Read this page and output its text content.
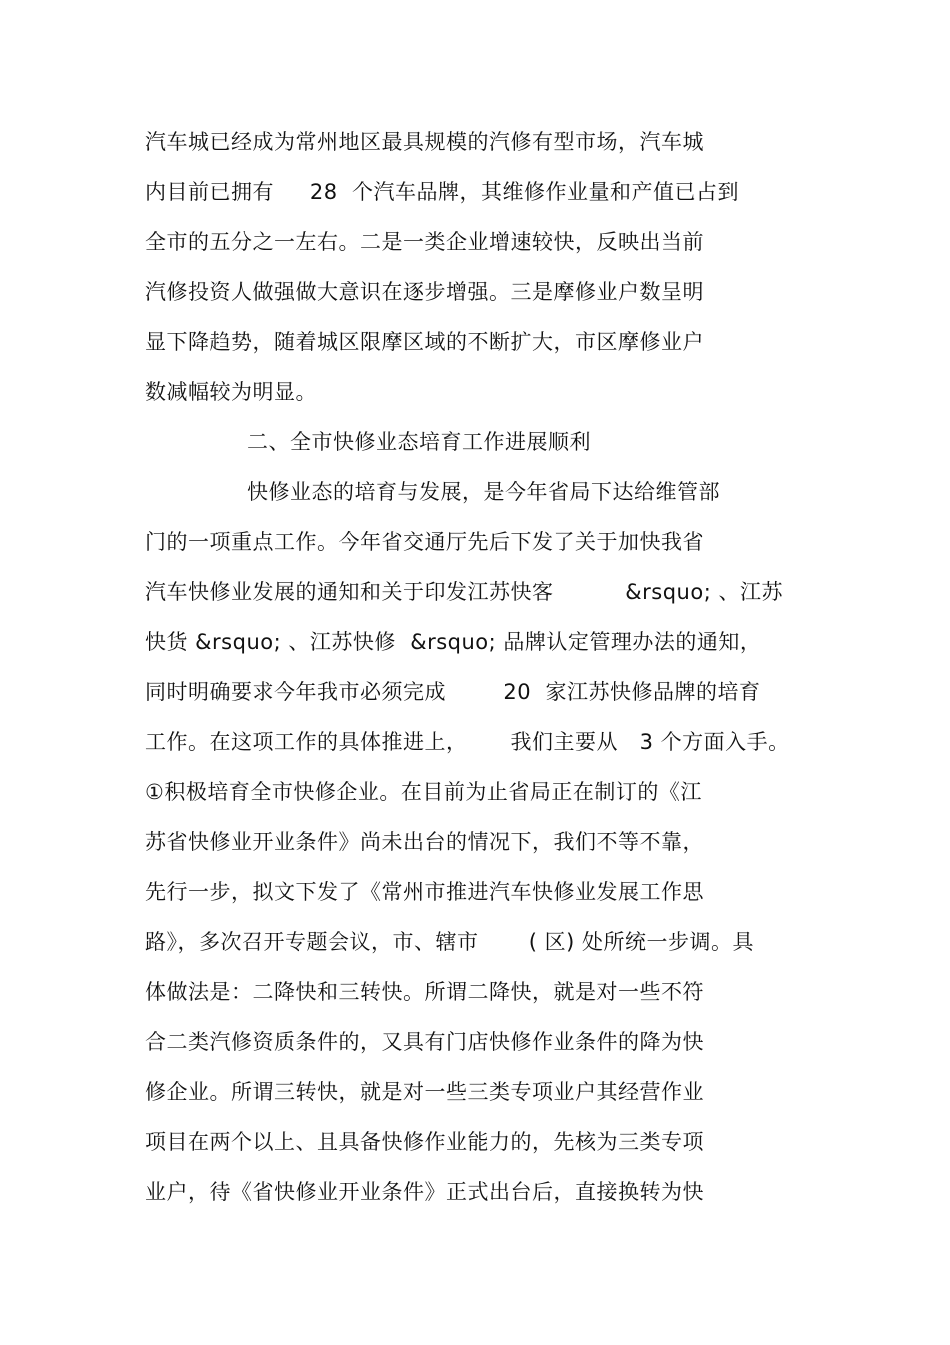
汽车城已经成为常州地区最具规模的汽修有型市场，汽车城
内目前已拥有     28  个汽车品牌，其维修作业量和产值已占到
全市的五分之一左右。二是一类企业增速较快，反映出当前
汽修投资人做强做大意识在逐步增强。三是摩修业户数呈明
显下降趋势，随着城区限摩区域的不断扩大，市区摩修业户
数减幅较为明显。
二、全市快修业态培育工作进展顺利
快修业态的培育与发展，是今年省局下达给维管部
门的一项重点工作。今年省交通厅先后下发了关于加快我省
汽车快修业发展的通知和关于印发江苏快客          &rsquo; 、江苏
快货 &rsquo; 、江苏快修  &rsquo; 品牌认定管理办法的通知，
同时明确要求今年我市必须完成        20  家江苏快修品牌的培育
工作。在这项工作的具体推进上，      我们主要从   3 个方面入手。
①积极培育全市快修企业。在目前为止省局正在制订的《江
苏省快修业开业条件》尚未出台的情况下，我们不等不靠，
先行一步，拟文下发了《常州市推进汽车快修业发展工作思
路》，多次召开专题会议，市、辖市       ( 区) 处所统一步调。具
体做法是：二降快和三转快。所谓二降快，就是对一些不符
合二类汽修资质条件的，又具有门店快修作业条件的降为快
修企业。所谓三转快，就是对一些三类专项业户其经营作业
项目在两个以上、且具备快修作业能力的，先核为三类专项
业户，待《省快修业开业条件》正式出台后，直接换转为快
